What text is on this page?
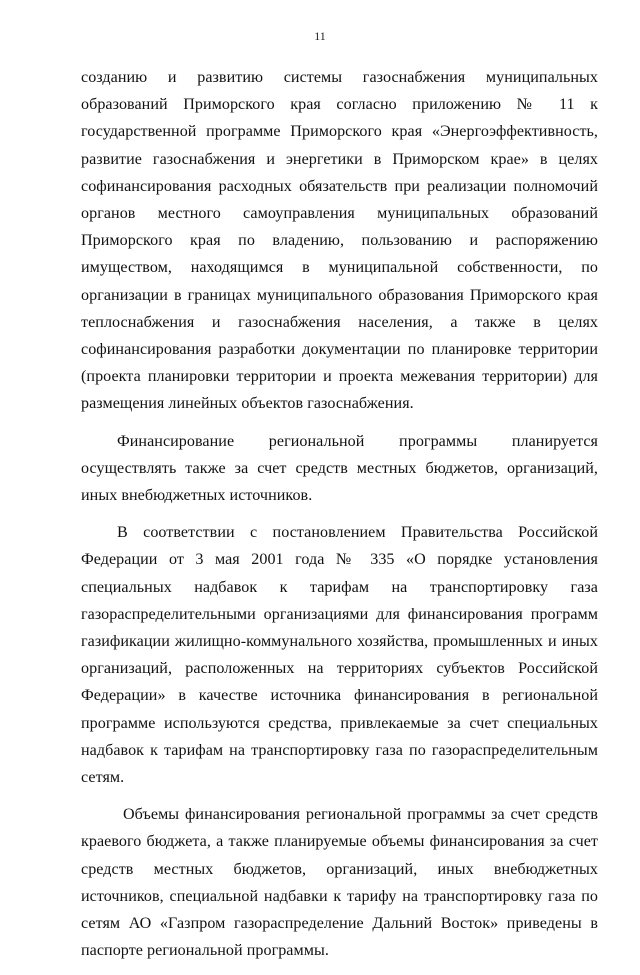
11

созданию и развитию системы газоснабжения муниципальных образований Приморского края согласно приложению № 11 к государственной программе Приморского края «Энергоэффективность, развитие газоснабжения и энергетики в Приморском крае» в целях софинансирования расходных обязательств при реализации полномочий органов местного самоуправления муниципальных образований Приморского края по владению, пользованию и распоряжению имуществом, находящимся в муниципальной собственности, по организации в границах муниципального образования Приморского края теплоснабжения и газоснабжения населения, а также в целях софинансирования разработки документации по планировке территории (проекта планировки территории и проекта межевания территории) для размещения линейных объектов газоснабжения.

Финансирование региональной программы планируется осуществлять также за счет средств местных бюджетов, организаций, иных внебюджетных источников.

В соответствии с постановлением Правительства Российской Федерации от 3 мая 2001 года № 335 «О порядке установления специальных надбавок к тарифам на транспортировку газа газораспределительными организациями для финансирования программ газификации жилищно-коммунального хозяйства, промышленных и иных организаций, расположенных на территориях субъектов Российской Федерации» в качестве источника финансирования в региональной программе используются средства, привлекаемые за счет специальных надбавок к тарифам на транспортировку газа по газораспределительным сетям.

Объемы финансирования региональной программы за счет средств краевого бюджета, а также планируемые объемы финансирования за счет средств местных бюджетов, организаций, иных внебюджетных источников, специальной надбавки к тарифу на транспортировку газа по сетям АО «Газпром газораспределение Дальний Восток» приведены в паспорте региональной программы.
